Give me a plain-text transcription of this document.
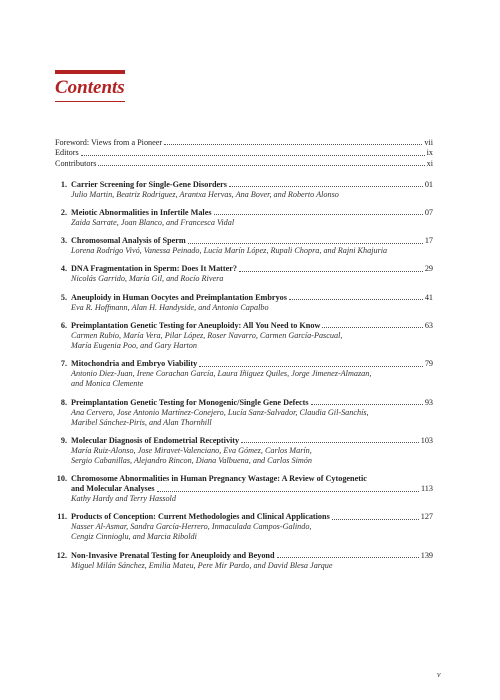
Contents
Foreword: Views from a Pioneer	vii
Editors	ix
Contributors	xi
1. Carrier Screening for Single-Gene Disorders	01
Julio Martin, Beatriz Rodriguez, Arantxa Hervas, Ana Bover, and Roberto Alonso
2. Meiotic Abnormalities in Infertile Males	07
Zaida Sarrate, Joan Blanco, and Francesca Vidal
3. Chromosomal Analysis of Sperm	17
Lorena Rodrigo Vivó, Vanessa Peinado, Lucía Marín López, Rupali Chopra, and Rajni Khajuria
4. DNA Fragmentation in Sperm: Does It Matter?	29
Nicolás Garrido, María Gil, and Rocío Rivera
5. Aneuploidy in Human Oocytes and Preimplantation Embryos	41
Eva R. Hoffmann, Alan H. Handyside, and Antonio Capalbo
6. Preimplantation Genetic Testing for Aneuploidy: All You Need to Know	63
Carmen Rubio, María Vera, Pilar López, Roser Navarro, Carmen García-Pascual,
María Eugenia Poo, and Gary Harton
7. Mitochondria and Embryo Viability	79
Antonio Diez-Juan, Irene Corachan García, Laura Iñiguez Quiles, Jorge Jimenez-Almazan,
and Monica Clemente
8. Preimplantation Genetic Testing for Monogenic/Single Gene Defects	93
Ana Cervero, Jose Antonio Martínez-Conejero, Lucía Sanz-Salvador, Claudia Gil-Sanchís,
Maribel Sánchez-Piris, and Alan Thornhill
9. Molecular Diagnosis of Endometrial Receptivity	103
María Ruiz-Alonso, Jose Miravet-Valenciano, Eva Gómez, Carlos Marín,
Sergio Cabanillas, Alejandro Rincon, Diana Valbuena, and Carlos Simón
10. Chromosome Abnormalities in Human Pregnancy Wastage: A Review of Cytogenetic
and Molecular Analyses	113
Kathy Hardy and Terry Hassold
11. Products of Conception: Current Methodologies and Clinical Applications	127
Nasser Al-Asmar, Sandra García-Herrero, Inmaculada Campos-Galindo,
Cengiz Cinnioglu, and Marcia Riboldi
12. Non-Invasive Prenatal Testing for Aneuploidy and Beyond	139
Miguel Milán Sánchez, Emilia Mateu, Pere Mir Pardo, and David Blesa Jarque
v
